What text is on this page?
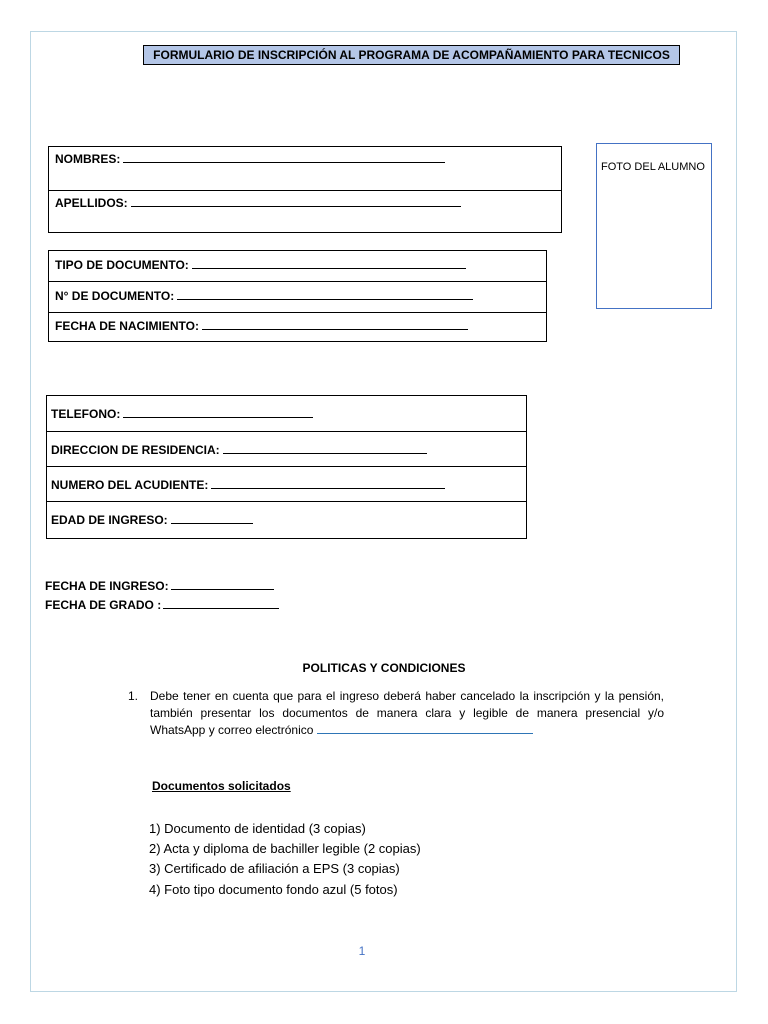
FORMULARIO DE INSCRIPCIÓN AL PROGRAMA DE ACOMPAÑAMIENTO PARA TECNICOS
NOMBRES:
APELLIDOS:
FOTO DEL ALUMNO
TIPO DE DOCUMENTO:
N° DE DOCUMENTO:
FECHA DE NACIMIENTO:
TELEFONO:
DIRECCION DE RESIDENCIA:
NUMERO DEL ACUDIENTE:
EDAD DE INGRESO:
FECHA DE INGRESO:
FECHA DE GRADO :
POLITICAS Y CONDICIONES
1. Debe tener en cuenta que para el ingreso deberá haber cancelado la inscripción y la pensión, también presentar los documentos de manera clara y legible de manera presencial y/o WhatsApp y correo electrónico
Documentos solicitados
1) Documento de identidad (3 copias)
2) Acta y diploma de bachiller legible (2 copias)
3) Certificado de afiliación a EPS (3 copias)
4) Foto tipo documento fondo azul (5 fotos)
1
